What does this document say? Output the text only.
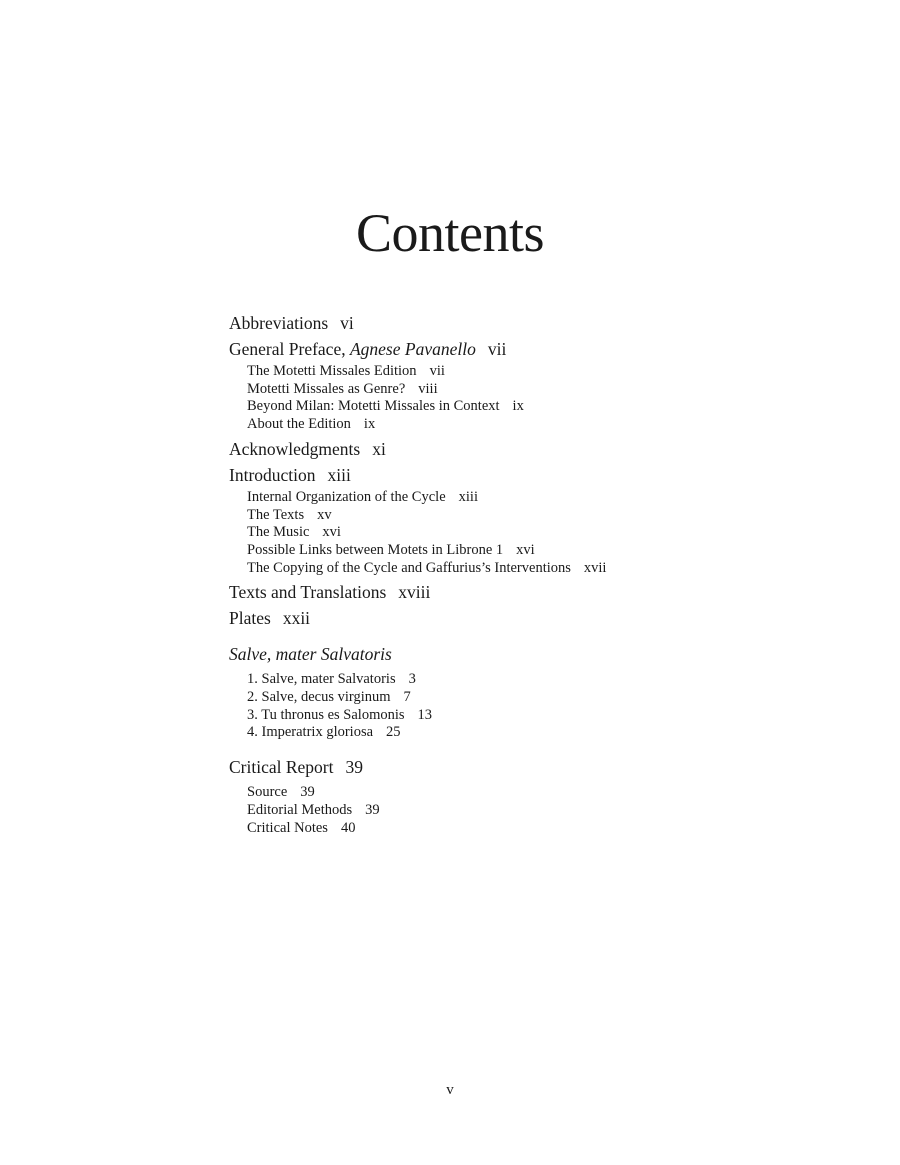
Contents
Abbreviations vi
General Preface, Agnese Pavanello vii
The Motetti Missales Edition vii
Motetti Missales as Genre? viii
Beyond Milan: Motetti Missales in Context ix
About the Edition ix
Acknowledgments xi
Introduction xiii
Internal Organization of the Cycle xiii
The Texts xv
The Music xvi
Possible Links between Motets in Librone 1 xvi
The Copying of the Cycle and Gaffurius’s Interventions xvii
Texts and Translations xviii
Plates xxii
Salve, mater Salvatoris
1. Salve, mater Salvatoris 3
2. Salve, decus virginum 7
3. Tu thronus es Salomonis 13
4. Imperatrix gloriosa 25
Critical Report 39
Source 39
Editorial Methods 39
Critical Notes 40
v
